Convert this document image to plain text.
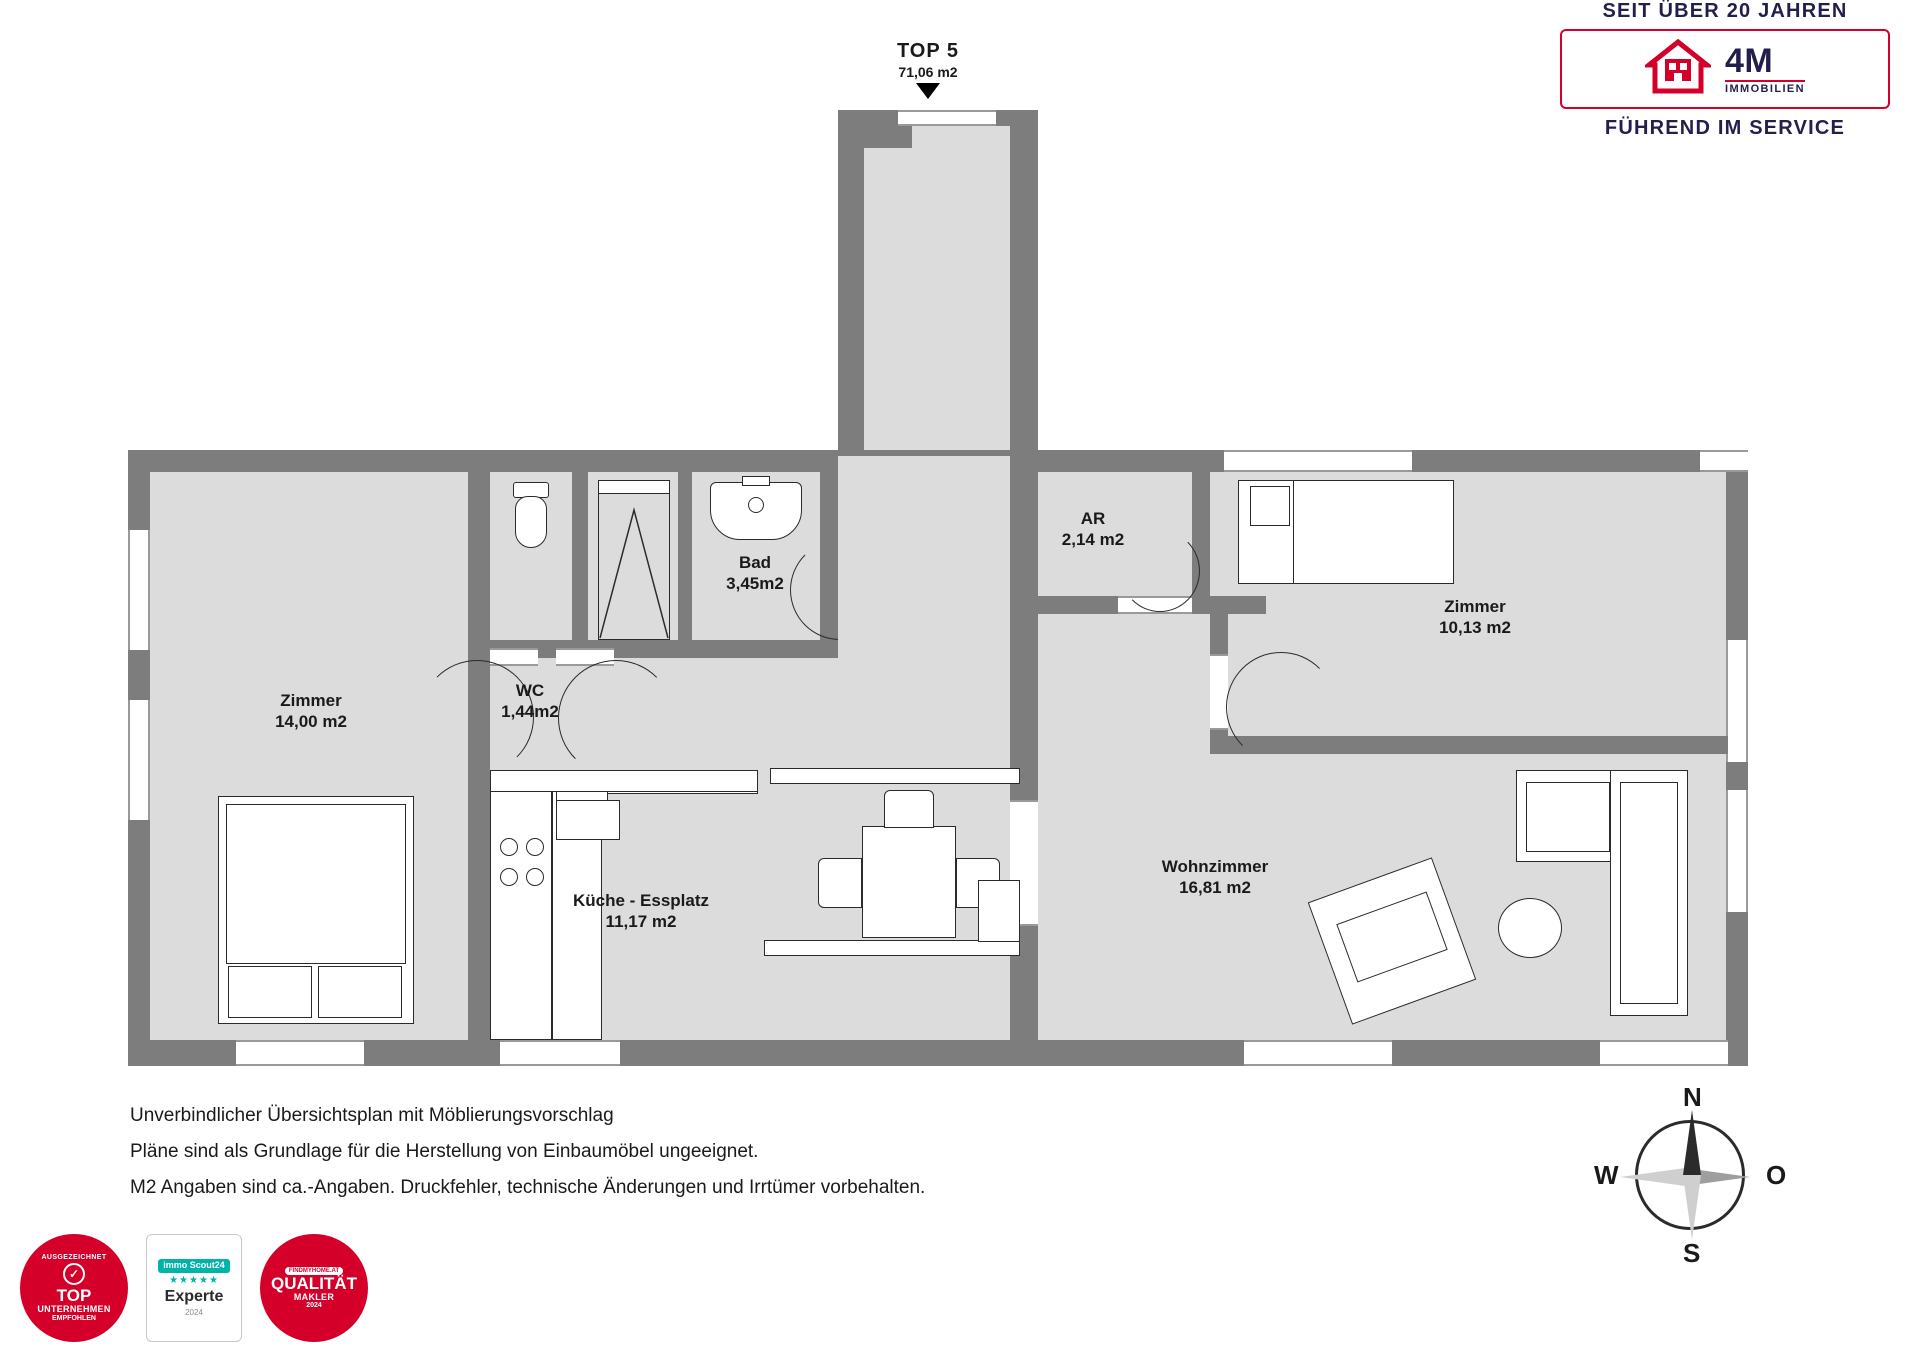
SEIT ÜBER 20 JAHREN
4M
IMMOBILIEN
FÜHREND IM SERVICE
TOP 5
71,06 m2
WC
1,44m2
Bad
3,45m2
AR
2,14 m2
Zimmer
10,13 m2
Zimmer
14,00 m2
Küche - Essplatz
11,17 m2
Wohnzimmer
16,81 m2

Unverbindlicher Übersichtsplan mit Möblierungsvorschlag

Pläne sind als Grundlage für die Herstellung von Einbaumöbel ungeeignet.

M2 Angaben sind ca.-Angaben. Druckfehler, technische Änderungen und Irrtümer vorbehalten.

N
S
W	O
AUSGEZEICHNET
✓
TOP
UNTERNEHMEN
EMPFOHLEN
immo Scout24
★★★★★
Experte
2024
FINDMYHOME.AT
QUALITÄT
MAKLER
2024
